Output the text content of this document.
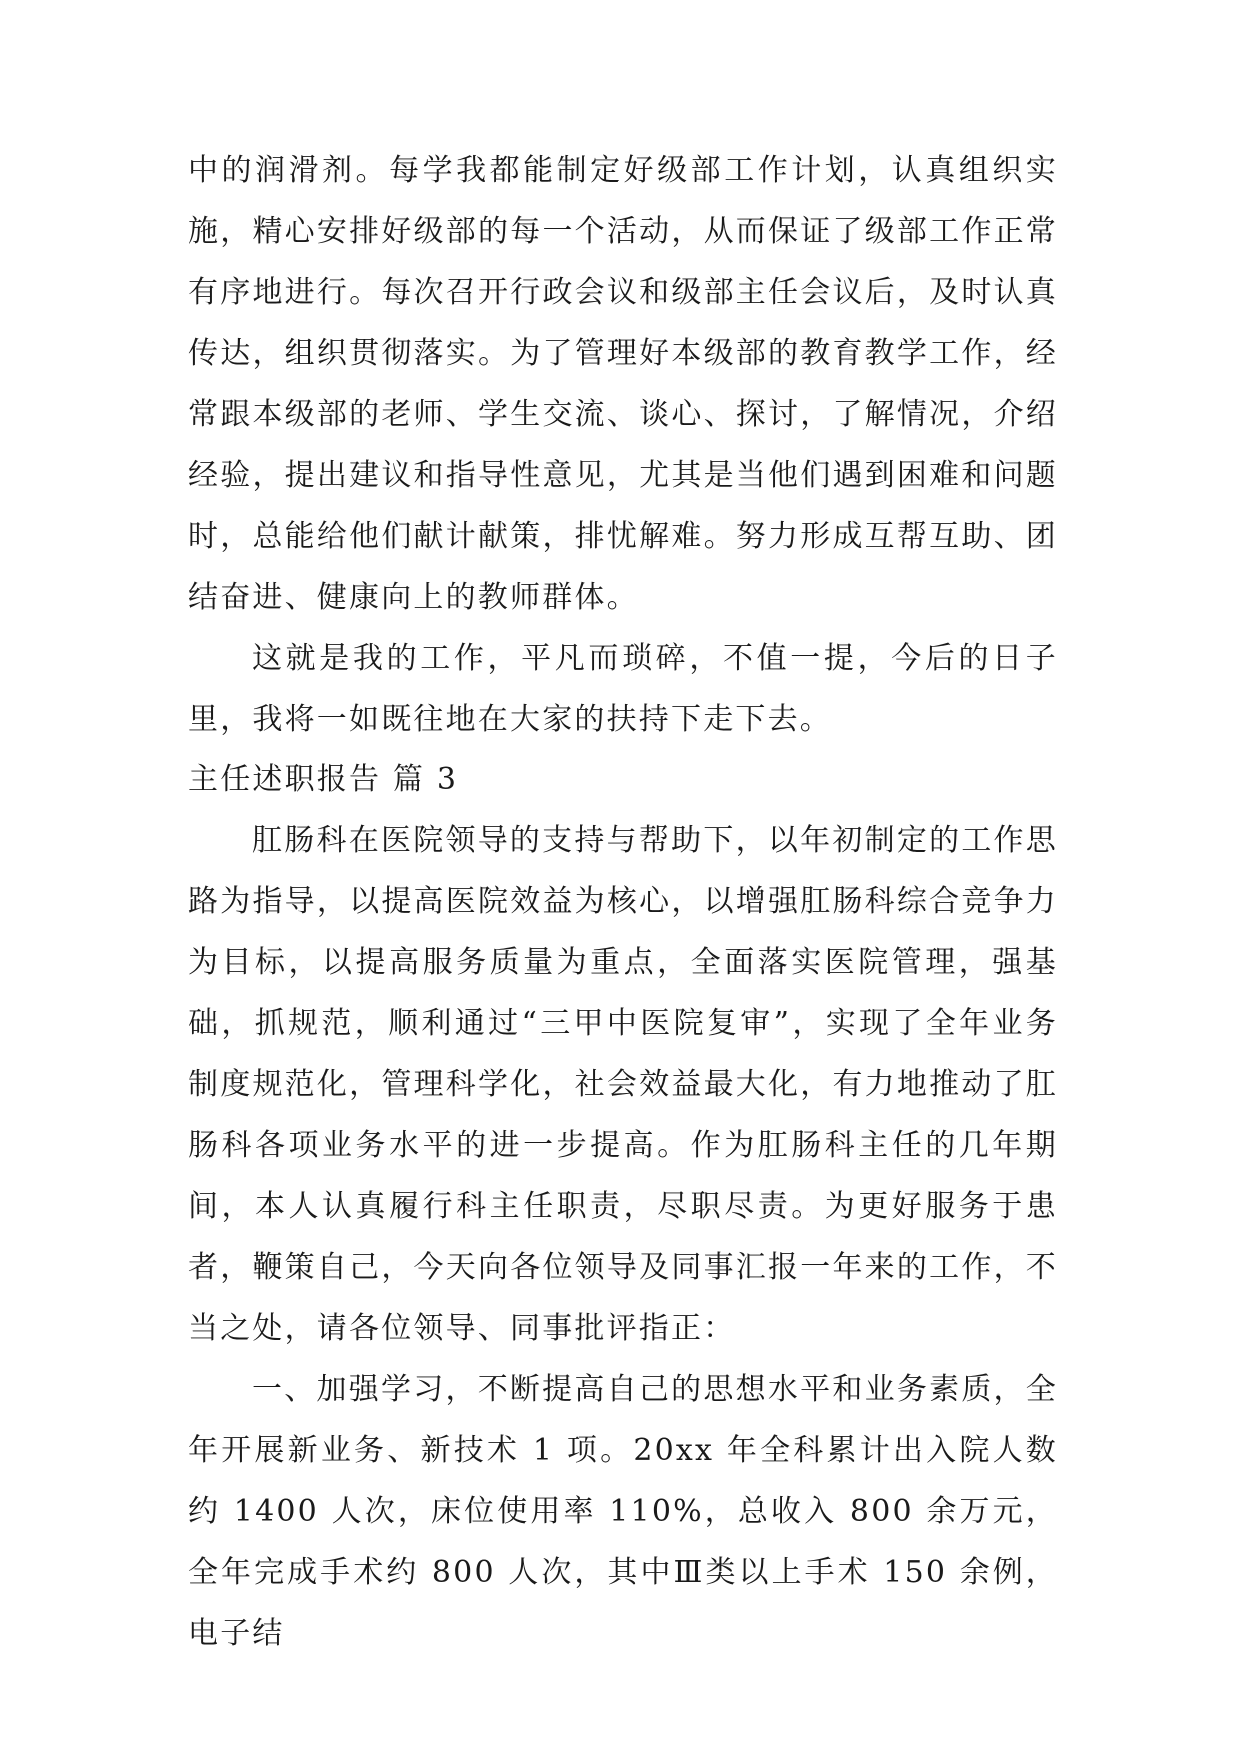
中的润滑剂。每学我都能制定好级部工作计划，认真组织实施，精心安排好级部的每一个活动，从而保证了级部工作正常有序地进行。每次召开行政会议和级部主任会议后，及时认真传达，组织贯彻落实。为了管理好本级部的教育教学工作，经常跟本级部的老师、学生交流、谈心、探讨，了解情况，介绍经验，提出建议和指导性意见，尤其是当他们遇到困难和问题时，总能给他们献计献策，排忧解难。努力形成互帮互助、团结奋进、健康向上的教师群体。

这就是我的工作，平凡而琐碎，不值一提，今后的日子里，我将一如既往地在大家的扶持下走下去。

主任述职报告 篇 3

肛肠科在医院领导的支持与帮助下，以年初制定的工作思路为指导，以提高医院效益为核心，以增强肛肠科综合竞争力为目标，以提高服务质量为重点，全面落实医院管理，强基础，抓规范，顺利通过“三甲中医院复审”，实现了全年业务制度规范化，管理科学化，社会效益最大化，有力地推动了肛肠科各项业务水平的进一步提高。作为肛肠科主任的几年期间，本人认真履行科主任职责，尽职尽责。为更好服务于患者，鞭策自己，今天向各位领导及同事汇报一年来的工作，不当之处，请各位领导、同事批评指正：

一、加强学习，不断提高自己的思想水平和业务素质，全年开展新业务、新技术 1 项。20xx 年全科累计出入院人数约 1400 人次，床位使用率 110%，总收入 800 余万元，全年完成手术约 800 人次，其中Ⅲ类以上手术 150 余例，电子结
